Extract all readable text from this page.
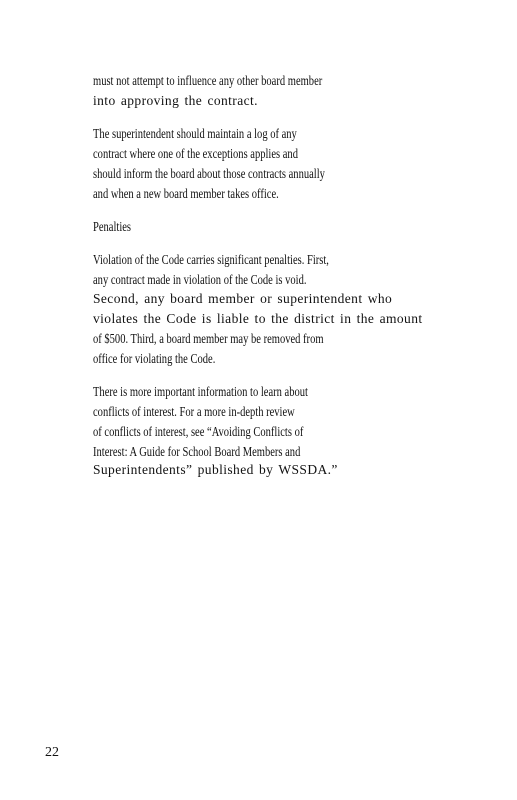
must not attempt to influence any other board member
into approving the contract.
The superintendent should maintain a log of any
contract where one of the exceptions applies and
should inform the board about those contracts annually
and when a new board member takes office.
Penalties
Violation of the Code carries significant penalties. First,
any contract made in violation of the Code is void.
Second, any board member or superintendent who
violates the Code is liable to the district in the amount
of $500. Third, a board member may be removed from
office for violating the Code.
There is more important information to learn about
conflicts of interest. For a more in-depth review
of conflicts of interest, see “Avoiding Conflicts of
Interest: A Guide for School Board Members and
Superintendents” published by WSSDA.”
22
